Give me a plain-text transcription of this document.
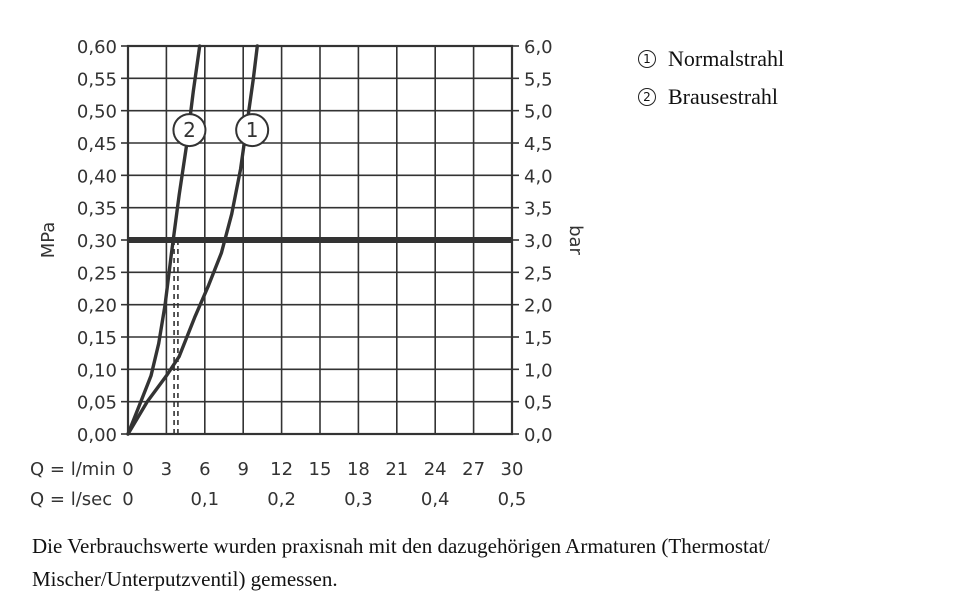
0,00
0,05
0,10
0,15
0,20
0,25
0,30
0,35
0,40
0,45
0,50
0,55
0,60
0,0
0,5
1,0
1,5
2,0
2,5
3,0
3,5
4,0
4,5
5,0
5,5
6,0
MPa	bar
Q = l/min 0 3 6 9 12 15 18 21 24 27 30
Q = l/sec 0	0,1	0,2	0,3	0,4	0,5
1
2
1 Normalstrahl
2 Brausestrahl
Die Verbrauchswerte wurden praxisnah mit den dazugehörigen Armaturen (Thermostat/ Mischer/Unterputzventil) gemessen.
